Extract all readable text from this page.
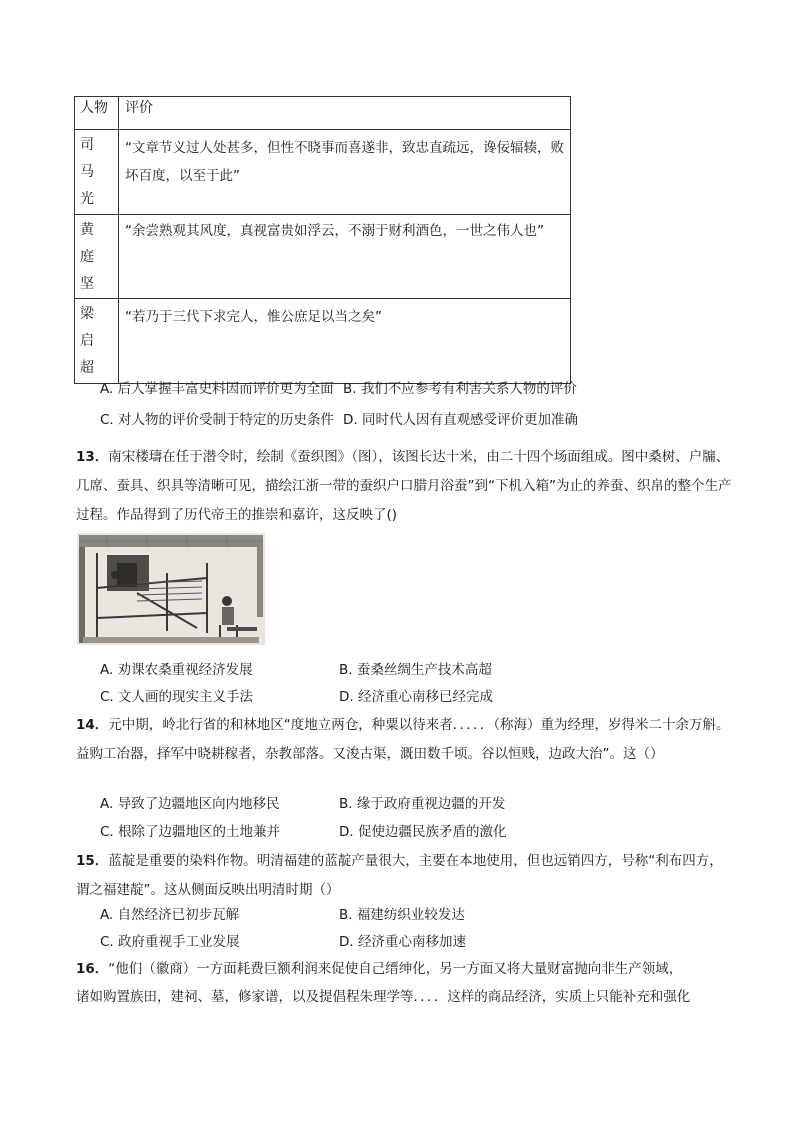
人物	评价

司
马
光	“文章节义过人处甚多，但性不晓事而喜遂非，致忠直疏远，谗佞辐辏，败坏百度，以至于此”

黄
庭
坚	“余尝熟观其风度，真视富贵如浮云，不溺于财利酒色，一世之伟人也”

梁
启
超	“若乃于三代下求完人，惟公庶足以当之矣”
A. 后人掌握丰富史料因而评价更为全面 B. 我们不应参考有利害关系人物的评价
C. 对人物的评价受制于特定的历史条件 D. 同时代人因有直观感受评价更加准确
13．南宋楼璹在任于潜令时，绘制《蚕织图》（图），该图长达十米，由二十四个场面组成。图中桑树、户牖、几席、蚕具、织具等清晰可见，描绘江浙一带的蚕织户口腊月浴蚕”到“下机入箱”为止的养蚕、织帛的整个生产过程。作品得到了历代帝王的推崇和嘉许，这反映了()
A. 劝课农桑重视经济发展	B. 蚕桑丝绸生产技术高超
C. 文人画的现实主义手法	D. 经济重心南移已经完成
14．元中期，岭北行省的和林地区“度地立两仓，种粟以待来者．．．．．（称海）重为经理，岁得米二十余万斛。益购工冶器，择军中晓耕稼者，杂教部落。又浚古渠，溉田数千顷。谷以恒贱，边政大治”。这（）
A. 导致了边疆地区向内地移民	B. 缘于政府重视边疆的开发
C. 根除了边疆地区的土地兼并	D. 促使边疆民族矛盾的激化
15．蓝靛是重要的染料作物。明清福建的蓝靛产量很大，主要在本地使用，但也远销四方，号称“利布四方，谓之福建靛”。这从侧面反映出明清时期（）
A. 自然经济已初步瓦解	B. 福建纺织业较发达
C. 政府重视手工业发展	D. 经济重心南移加速
16．“他们（徽商）一方面耗费巨额利润来促使自己缙绅化，另一方面又将大量财富抛向非生产领域，
诸如购置族田，建祠、墓，修家谱，以及提倡程朱理学等．．．．这样的商品经济，实质上只能补充和强化
